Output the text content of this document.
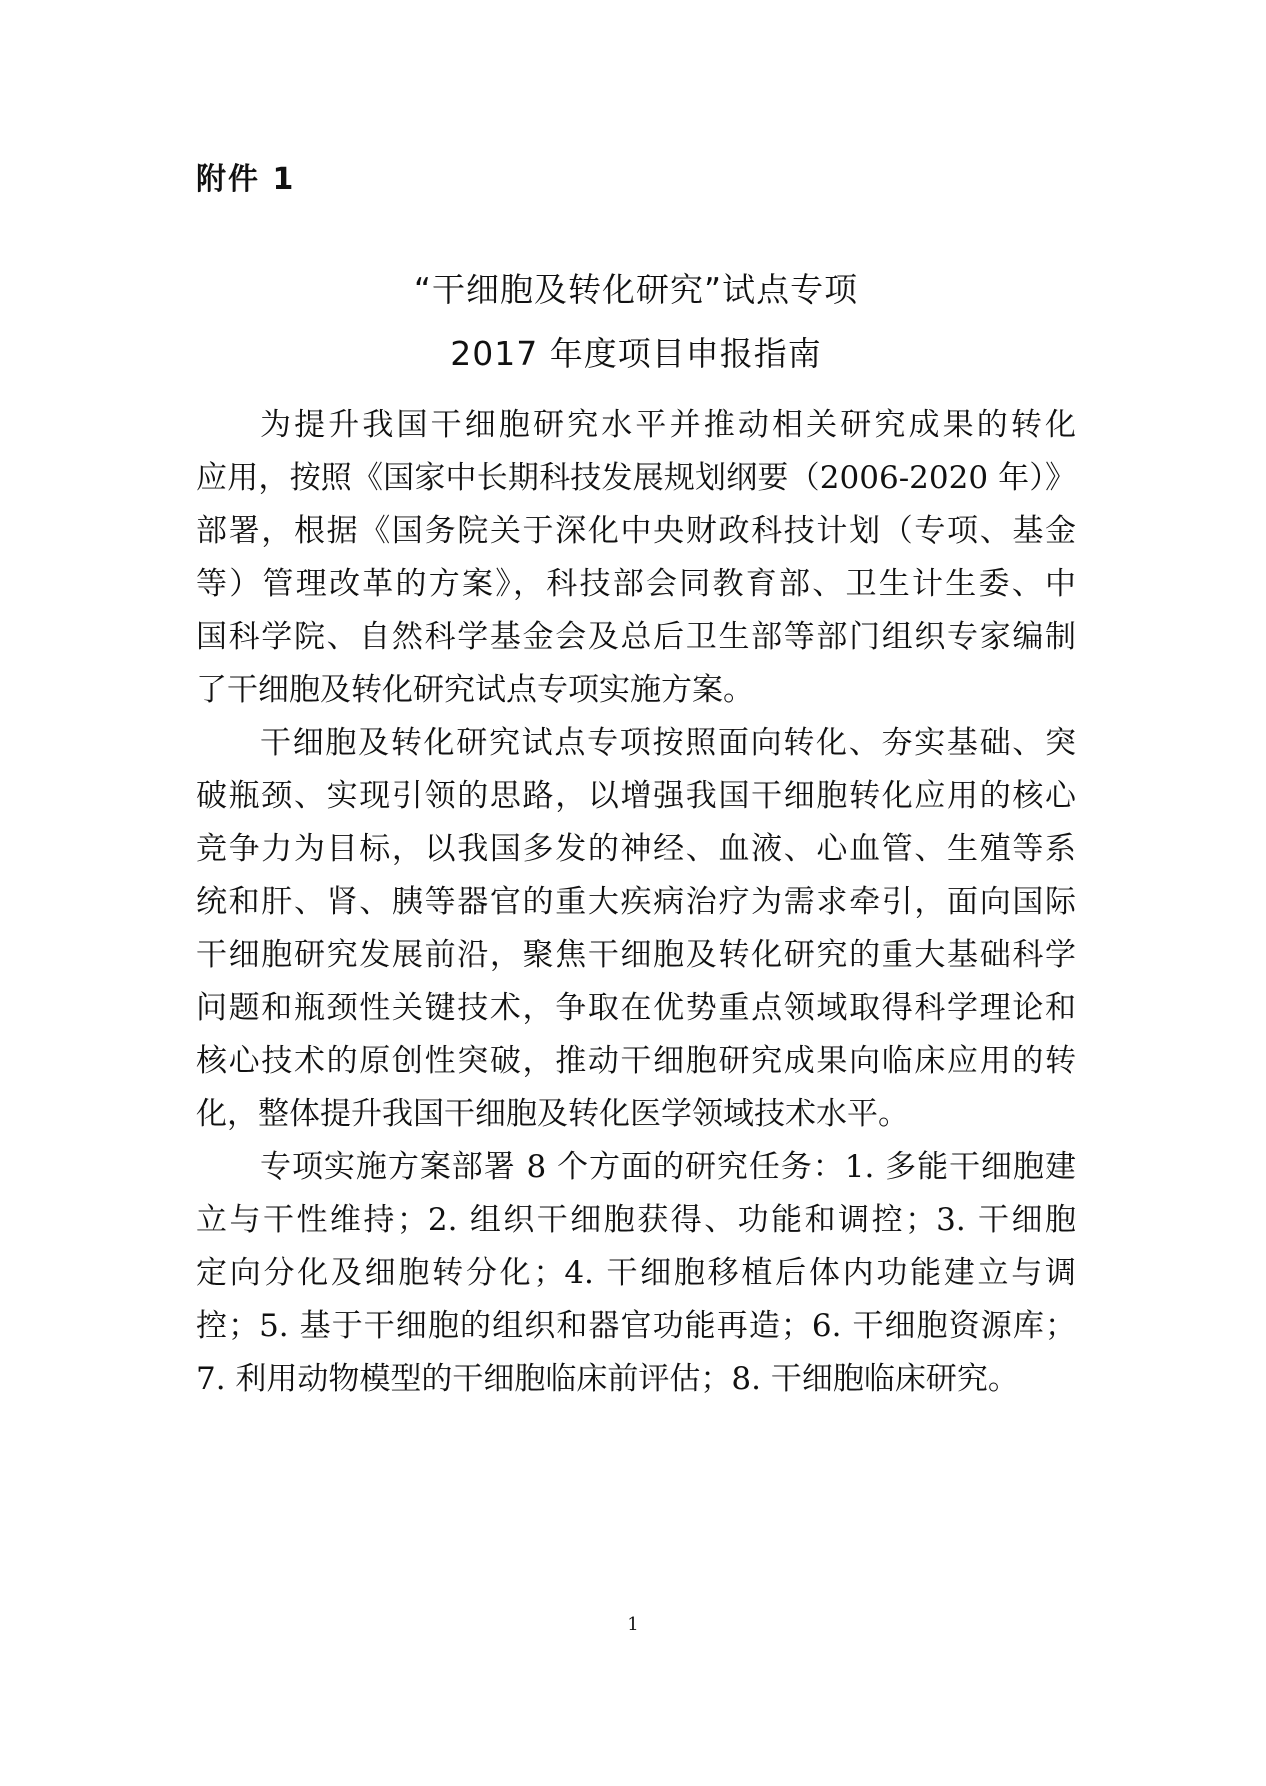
附件 1
“干细胞及转化研究”试点专项
2017 年度项目申报指南
为提升我国干细胞研究水平并推动相关研究成果的转化
应用，按照《国家中长期科技发展规划纲要（2006-2020 年）》
部署，根据《国务院关于深化中央财政科技计划（专项、基金
等）管理改革的方案》，科技部会同教育部、卫生计生委、中
国科学院、自然科学基金会及总后卫生部等部门组织专家编制
了干细胞及转化研究试点专项实施方案。
干细胞及转化研究试点专项按照面向转化、夯实基础、突
破瓶颈、实现引领的思路，以增强我国干细胞转化应用的核心
竞争力为目标，以我国多发的神经、血液、心血管、生殖等系
统和肝、肾、胰等器官的重大疾病治疗为需求牵引，面向国际
干细胞研究发展前沿，聚焦干细胞及转化研究的重大基础科学
问题和瓶颈性关键技术，争取在优势重点领域取得科学理论和
核心技术的原创性突破，推动干细胞研究成果向临床应用的转
化，整体提升我国干细胞及转化医学领域技术水平。
专项实施方案部署 8 个方面的研究任务：1. 多能干细胞建
立与干性维持；2. 组织干细胞获得、功能和调控；3. 干细胞
定向分化及细胞转分化；4. 干细胞移植后体内功能建立与调
控；5. 基于干细胞的组织和器官功能再造；6. 干细胞资源库；
7. 利用动物模型的干细胞临床前评估；8. 干细胞临床研究。
1
